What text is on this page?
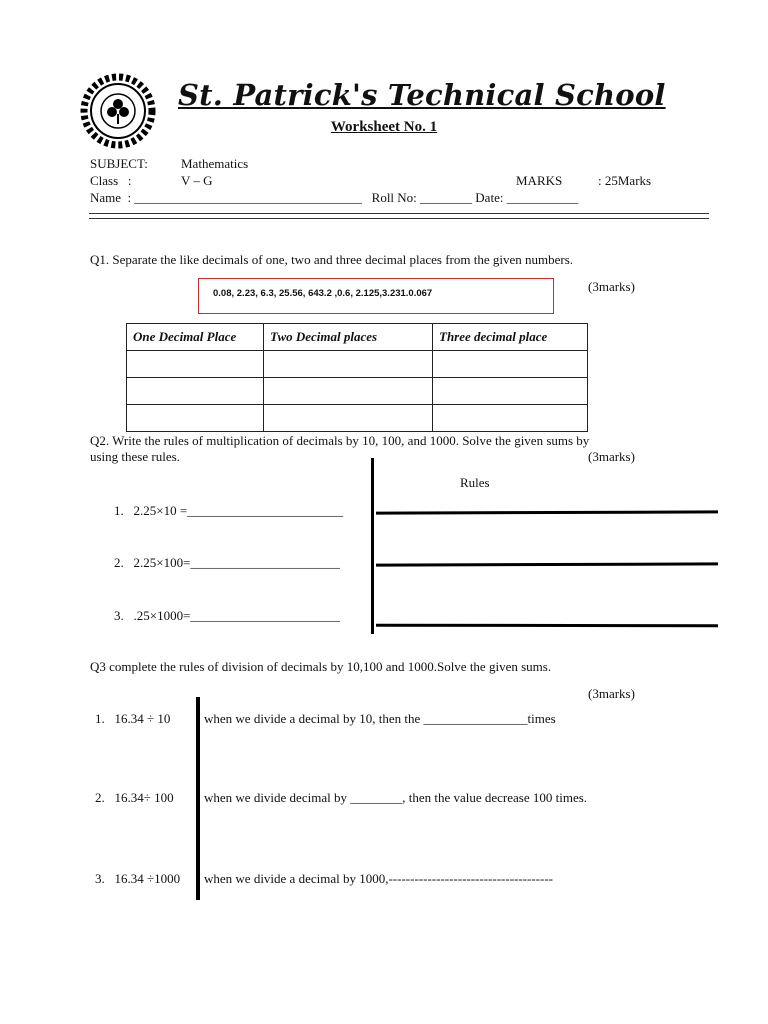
St. Patrick's Technical School
Worksheet No. 1
SUBJECT:	Mathematics
Class   :	V – G	MARKS	: 25Marks
Name  : ___________________________________   Roll No: ________ Date: ___________
Q1. Separate the like decimals of one, two and three decimal places from the given numbers.
0.08, 2.23, 6.3, 25.56, 643.2 ,0.6, 2.125,3.231.0.067	(3marks)
One Decimal Place	Two Decimal places	Three decimal place

Q2. Write the rules of multiplication of decimals by 10, 100, and 1000. Solve the given sums by
using these rules.	(3marks)
Rules
1.   2.25×10 =________________________
2.   2.25×100=_______________________
3.   .25×1000=_______________________
Q3 complete the rules of division of decimals by 10,100 and 1000.Solve the given sums.
(3marks)
1.   16.34 ÷ 10	when we divide a decimal by 10, then the ________________times
2.   16.34÷ 100 when we divide decimal by ________, then the value decrease 100 times.
3.   16.34 ÷1000 when we divide a decimal by 1000,--------------------------------------
